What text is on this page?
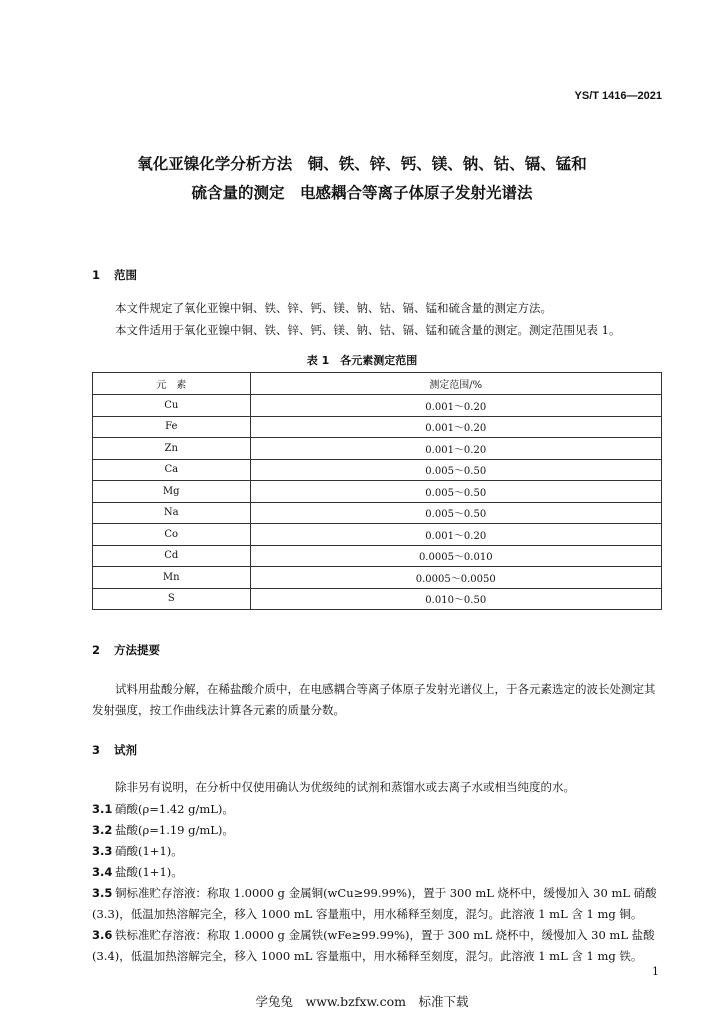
YS/T 1416—2021
氧化亚镍化学分析方法　铜、铁、锌、钙、镁、钠、钴、镉、锰和
硫含量的测定　电感耦合等离子体原子发射光谱法
1 范围
本文件规定了氧化亚镍中铜、铁、锌、钙、镁、钠、钴、镉、锰和硫含量的测定方法。
本文件适用于氧化亚镍中铜、铁、锌、钙、镁、钠、钴、镉、锰和硫含量的测定。测定范围见表 1。
表 1　各元素测定范围
元　素	测定范围/%
Cu	0.001～0.20
Fe	0.001～0.20
Zn	0.001～0.20
Ca	0.005～0.50
Mg	0.005～0.50
Na	0.005～0.50
Co	0.001～0.20
Cd	0.0005～0.010
Mn	0.0005～0.0050
S	0.010～0.50
2 方法提要
试料用盐酸分解，在稀盐酸介质中，在电感耦合等离子体原子发射光谱仪上，于各元素选定的波长处测定其发射强度，按工作曲线法计算各元素的质量分数。
3 试剂
除非另有说明，在分析中仅使用确认为优级纯的试剂和蒸馏水或去离子水或相当纯度的水。
3.1 硝酸(ρ=1.42 g/mL)。
3.2 盐酸(ρ=1.19 g/mL)。
3.3 硝酸(1+1)。
3.4 盐酸(1+1)。
3.5 铜标准贮存溶液：称取 1.0000 g 金属铜(wCu≥99.99%)，置于 300 mL 烧杯中，缓慢加入 30 mL 硝酸(3.3)，低温加热溶解完全，移入 1000 mL 容量瓶中，用水稀释至刻度，混匀。此溶液 1 mL 含 1 mg 铜。
3.6 铁标准贮存溶液：称取 1.0000 g 金属铁(wFe≥99.99%)，置于 300 mL 烧杯中，缓慢加入 30 mL 盐酸(3.4)，低温加热溶解完全，移入 1000 mL 容量瓶中，用水稀释至刻度，混匀。此溶液 1 mL 含 1 mg 铁。
1
学兔兔　www.bzfxw.com　标准下载
